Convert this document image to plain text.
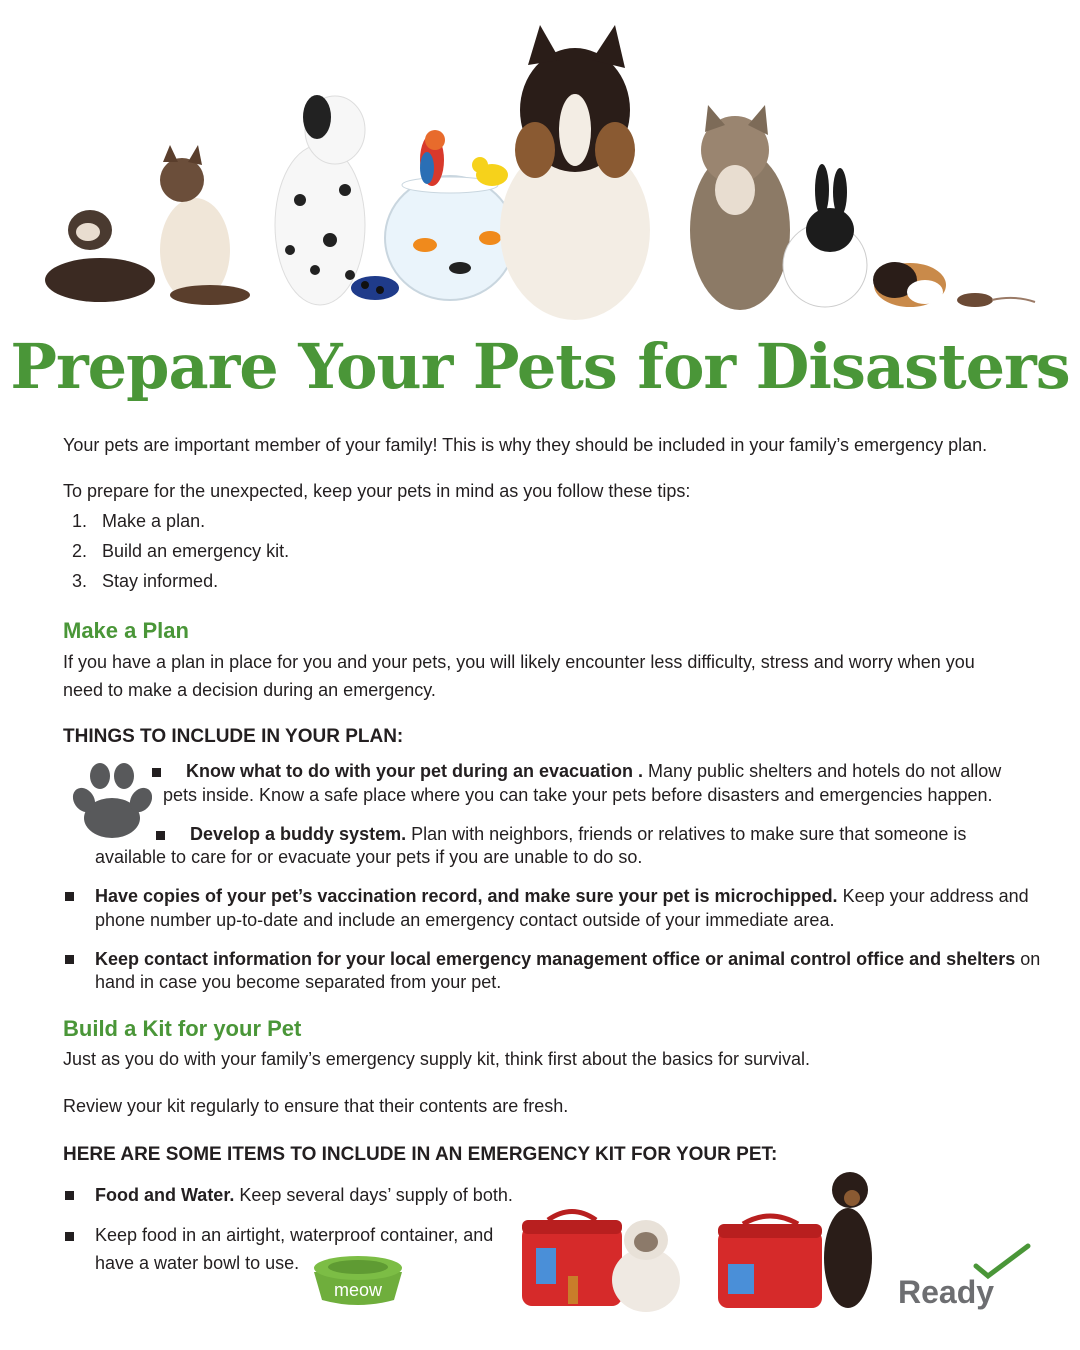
Prepare Your Pets for Disasters
Your pets are important member of your family! This is why they should be included in your family’s emergency plan.
To prepare for the unexpected, keep your pets in mind as you follow these tips:
1. Make a plan.
2. Build an emergency kit.
3. Stay informed.
Make a Plan
If you have a plan in place for you and your pets, you will likely encounter less difficulty, stress and worry when you
need to make a decision during an emergency.
THINGS TO INCLUDE IN YOUR PLAN:
Know what to do with your pet during an evacuation . Many public shelters and hotels do not allow
pets inside. Know a safe place where you can take your pets before disasters and emergencies happen.
Develop a buddy system. Plan with neighbors, friends or relatives to make sure that someone is
available to care for or evacuate your pets if you are unable to do so.
Have copies of your pet’s vaccination record, and make sure your pet is microchipped. Keep your address and
phone number up-to-date and include an emergency contact outside of your immediate area.
Keep contact information for your local emergency management office or animal control office and shelters on
hand in case you become separated from your pet.
Build a Kit for your Pet
Just as you do with your family’s emergency supply kit, think first about the basics for survival.
Review your kit regularly to ensure that their contents are fresh.
HERE ARE SOME ITEMS TO INCLUDE IN AN EMERGENCY KIT FOR YOUR PET:
Food and Water. Keep several days’ supply of both.
Keep food in an airtight, waterproof container, and
have a water bowl to use.
meow	Ready
